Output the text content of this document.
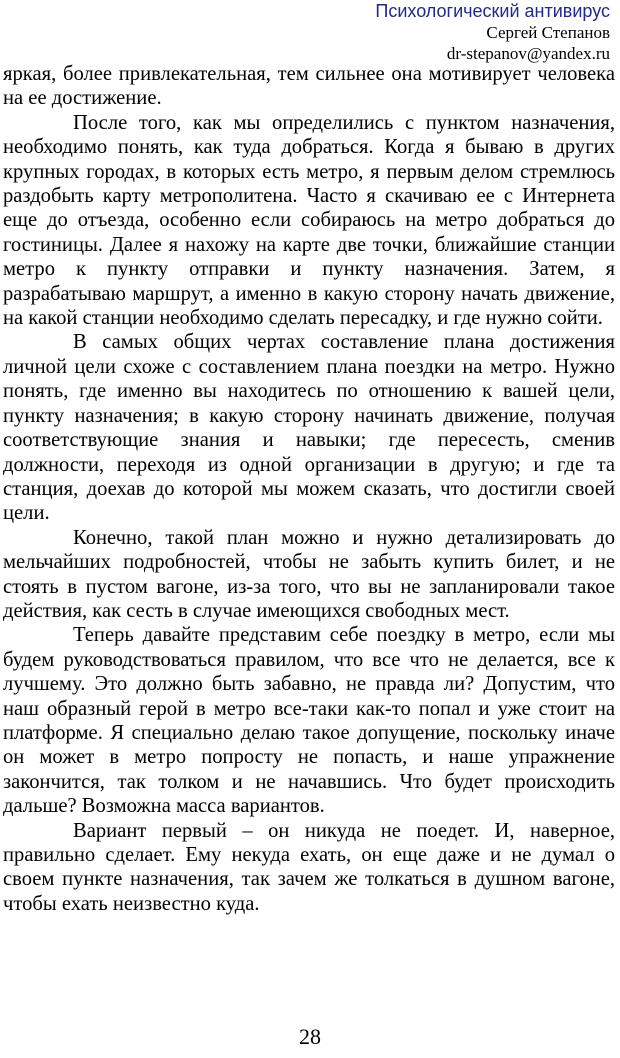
Психологический антивирус
Сергей Степанов
dr-stepanov@yandex.ru

яркая, более привлекательная, тем сильнее она мотивирует человека на ее достижение.

После того, как мы определились с пунктом назначения, необходимо понять, как туда добраться. Когда я бываю в других крупных городах, в которых есть метро, я первым делом стремлюсь раздобыть карту метрополитена. Часто я скачиваю ее с Интернета еще до отъезда, особенно если собираюсь на метро добраться до гостиницы. Далее я нахожу на карте две точки, ближайшие станции метро к пункту отправки и пункту назначения. Затем, я разрабатываю маршрут, а именно в какую сторону начать движение, на какой станции необходимо сделать пересадку, и где нужно сойти.

В самых общих чертах составление плана достижения личной цели схоже с составлением плана поездки на метро. Нужно понять, где именно вы находитесь по отношению к вашей цели, пункту назначения; в какую сторону начинать движение, получая соответствующие знания и навыки; где пересесть, сменив должности, переходя из одной организации в другую; и где та станция, доехав до которой мы можем сказать, что достигли своей цели.

Конечно, такой план можно и нужно детализировать до мельчайших подробностей, чтобы не забыть купить билет, и не стоять в пустом вагоне, из-за того, что вы не запланировали такое действия, как сесть в случае имеющихся свободных мест.

Теперь давайте представим себе поездку в метро, если мы будем руководствоваться правилом, что все что не делается, все к лучшему. Это должно быть забавно, не правда ли? Допустим, что наш образный герой в метро все-таки как-то попал и уже стоит на платформе. Я специально делаю такое допущение, поскольку иначе он может в метро попросту не попасть, и наше упражнение закончится, так толком и не начавшись. Что будет происходить дальше? Возможна масса вариантов.

Вариант первый – он никуда не поедет. И, наверное, правильно сделает. Ему некуда ехать, он еще даже и не думал о своем пункте назначения, так зачем же толкаться в душном вагоне, чтобы ехать неизвестно куда.

28
